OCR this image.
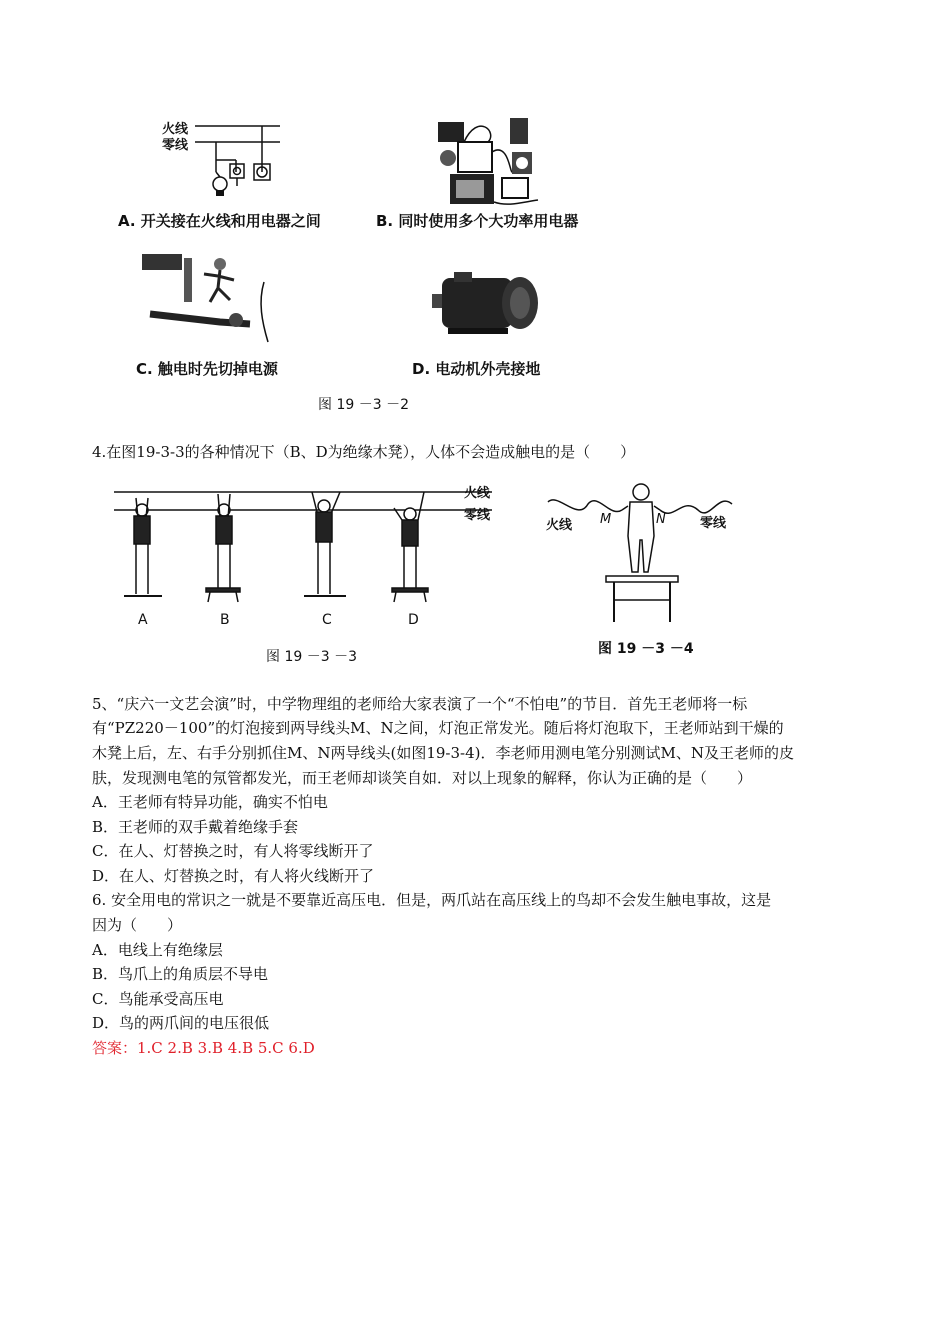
火线
零线
A. 开关接在火线和用电器之间	B. 同时使用多个大功率用电器
C. 触电时先切掉电源	D. 电动机外壳接地
图 19 －3 －2
4.在图19-3-3的各种情况下（B、D为绝缘木凳），人体不会造成触电的是（　　）
火线
零线
A	B	C	D
图 19 －3 －3
火线	零线
M	N
图 19 －3 －4
5、“庆六一文艺会演”时，中学物理组的老师给大家表演了一个“不怕电”的节目．首先王老师将一标
有“PZ220－100”的灯泡接到两导线头M、N之间，灯泡正常发光。随后将灯泡取下，王老师站到干燥的
木凳上后，左、右手分别抓住M、N两导线头(如图19-3-4)．李老师用测电笔分别测试M、N及王老师的皮
肤，发现测电笔的氖管都发光，而王老师却谈笑自如．对以上现象的解释，你认为正确的是（　　）
A．王老师有特异功能，确实不怕电
B．王老师的双手戴着绝缘手套
C．在人、灯替换之时，有人将零线断开了
D．在人、灯替换之时，有人将火线断开了
6. 安全用电的常识之一就是不要靠近高压电．但是，两爪站在高压线上的鸟却不会发生触电事故，这是
因为（　　）
A．电线上有绝缘层
B．鸟爪上的角质层不导电
C．鸟能承受高压电
D．鸟的两爪间的电压很低
答案：1.C 2.B 3.B 4.B 5.C 6.D
